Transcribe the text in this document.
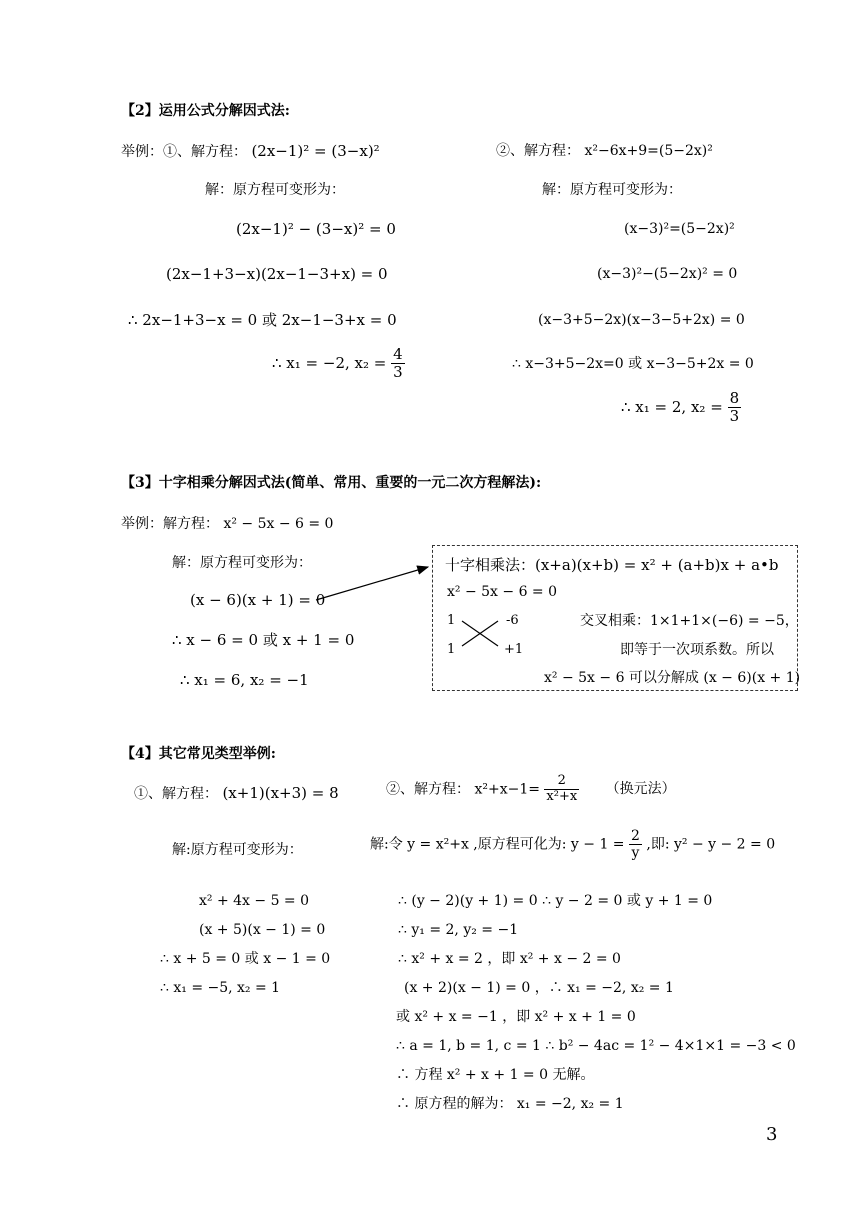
【2】运用公式分解因式法:
举例：①、解方程： (2x−1)² = (3−x)²
解：原方程可变形为：
(2x−1)² − (3−x)² = 0
(2x−1+3−x)(2x−1−3+x) = 0
∴ 2x−1+3−x = 0 或 2x−1−3+x = 0
∴ x₁ = −2, $x_2 = \frac{4}{3}$
②、解方程： x²−6x+9=(5−2x)²
解：原方程可变形为：
(x−3)²=(5−2x)²
(x−3)²−(5−2x)² = 0
(x−3+5−2x)(x−3−5+2x) = 0
∴ x−3+5−2x=0 或 x−3−5+2x = 0
∴ x₁ = 2, $x_2 = \frac{8}{3}$
【3】十字相乘分解因式法(简单、常用、重要的一元二次方程解法):
举例：解方程： x² − 5x − 6 = 0
解：原方程可变形为：
(x − 6)(x + 1) = 0
∴ x − 6 = 0 或 x + 1 = 0
∴ x₁ = 6, x₂ = −1
十字相乘法：(x+a)(x+b) = x² + (a+b)x + a•b
x² − 5x − 6 = 0
1	-6
1	+1
交叉相乘：1×1+1×(−6) = −5，
即等于一次项系数。所以
x² − 5x − 6 可以分解成 (x − 6)(x + 1)
【4】其它常见类型举例:
①、解方程： (x+1)(x+3) = 8	②、解方程： $x^2+x-1= \frac{2}{\text{x²+x}}$ （换元法）
解:原方程可变形为：	解:令 y = x²+x ,原方程可化为: $y - 1 = \frac{2}{y}$ ,即: y² − y − 2 = 0
x² + 4x − 5 = 0
(x + 5)(x − 1) = 0
∴ x + 5 = 0 或 x − 1 = 0
∴ x₁ = −5, x₂ = 1
∴ (y − 2)(y + 1) = 0 ∴ y − 2 = 0 或 y + 1 = 0
∴ y₁ = 2, y₂ = −1
∴ x² + x = 2 ，即 x² + x − 2 = 0
(x + 2)(x − 1) = 0 ，∴ x₁ = −2, x₂ = 1
或 x² + x = −1 ，即 x² + x + 1 = 0
∴ a = 1, b = 1, c = 1 ∴ b² − 4ac = 1² − 4×1×1 = −3 < 0
∴ 方程 x² + x + 1 = 0 无解。
∴ 原方程的解为： x₁ = −2, x₂ = 1
3
